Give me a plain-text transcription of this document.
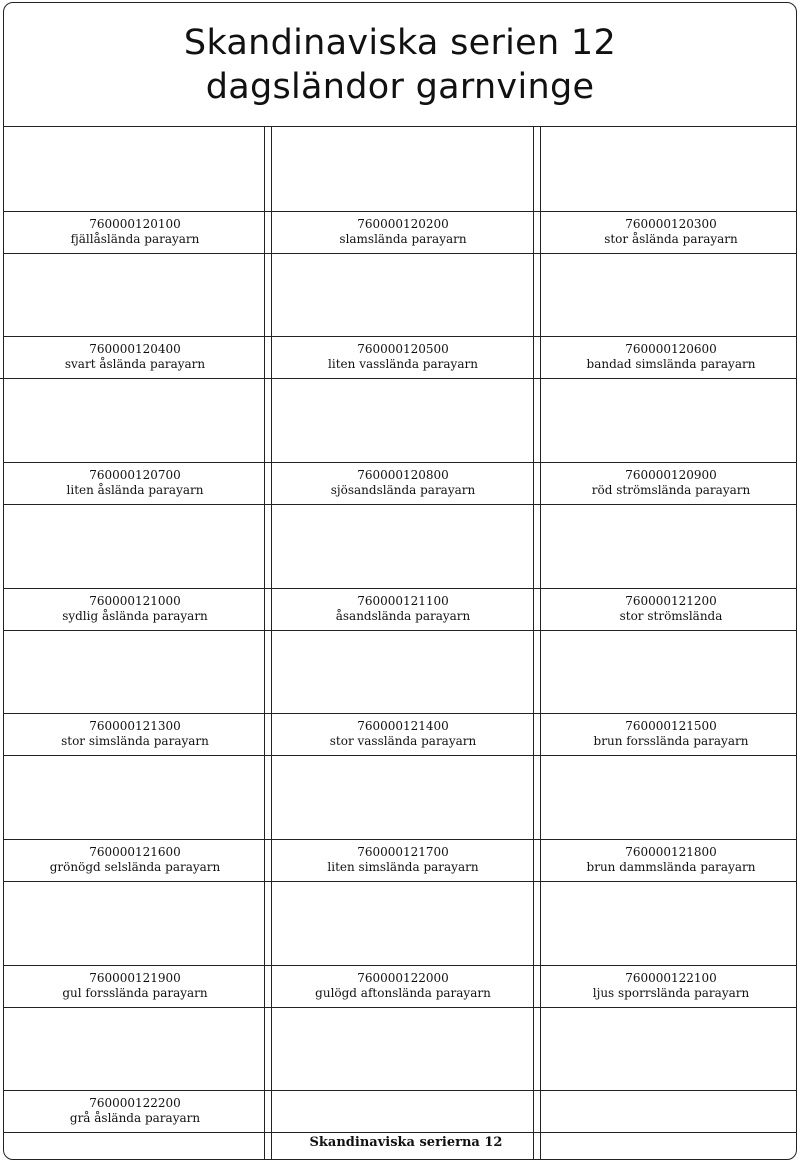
Skandinaviska serien 12
dagsländor garnvinge
760000120100
fjällåslända parayarn
760000120200
slamslända parayarn
760000120300
stor åslända parayarn
760000120400
svart åslända parayarn
760000120500
liten vasslända parayarn
760000120600
bandad simslända parayarn
760000120700
liten åslända parayarn
760000120800
sjösandslända parayarn
760000120900
röd strömslända parayarn
760000121000
sydlig åslända parayarn
760000121100
åsandslända parayarn
760000121200
stor strömslända
760000121300
stor simslända parayarn
760000121400
stor vasslända parayarn
760000121500
brun forsslända parayarn
760000121600
grönögd selslända parayarn
760000121700
liten simslända parayarn
760000121800
brun dammslända parayarn
760000121900
gul forsslända parayarn
760000122000
gulögd aftonslända parayarn
760000122100
ljus sporrslända parayarn
760000122200
grå åslända parayarn
Skandinaviska serierna 12
